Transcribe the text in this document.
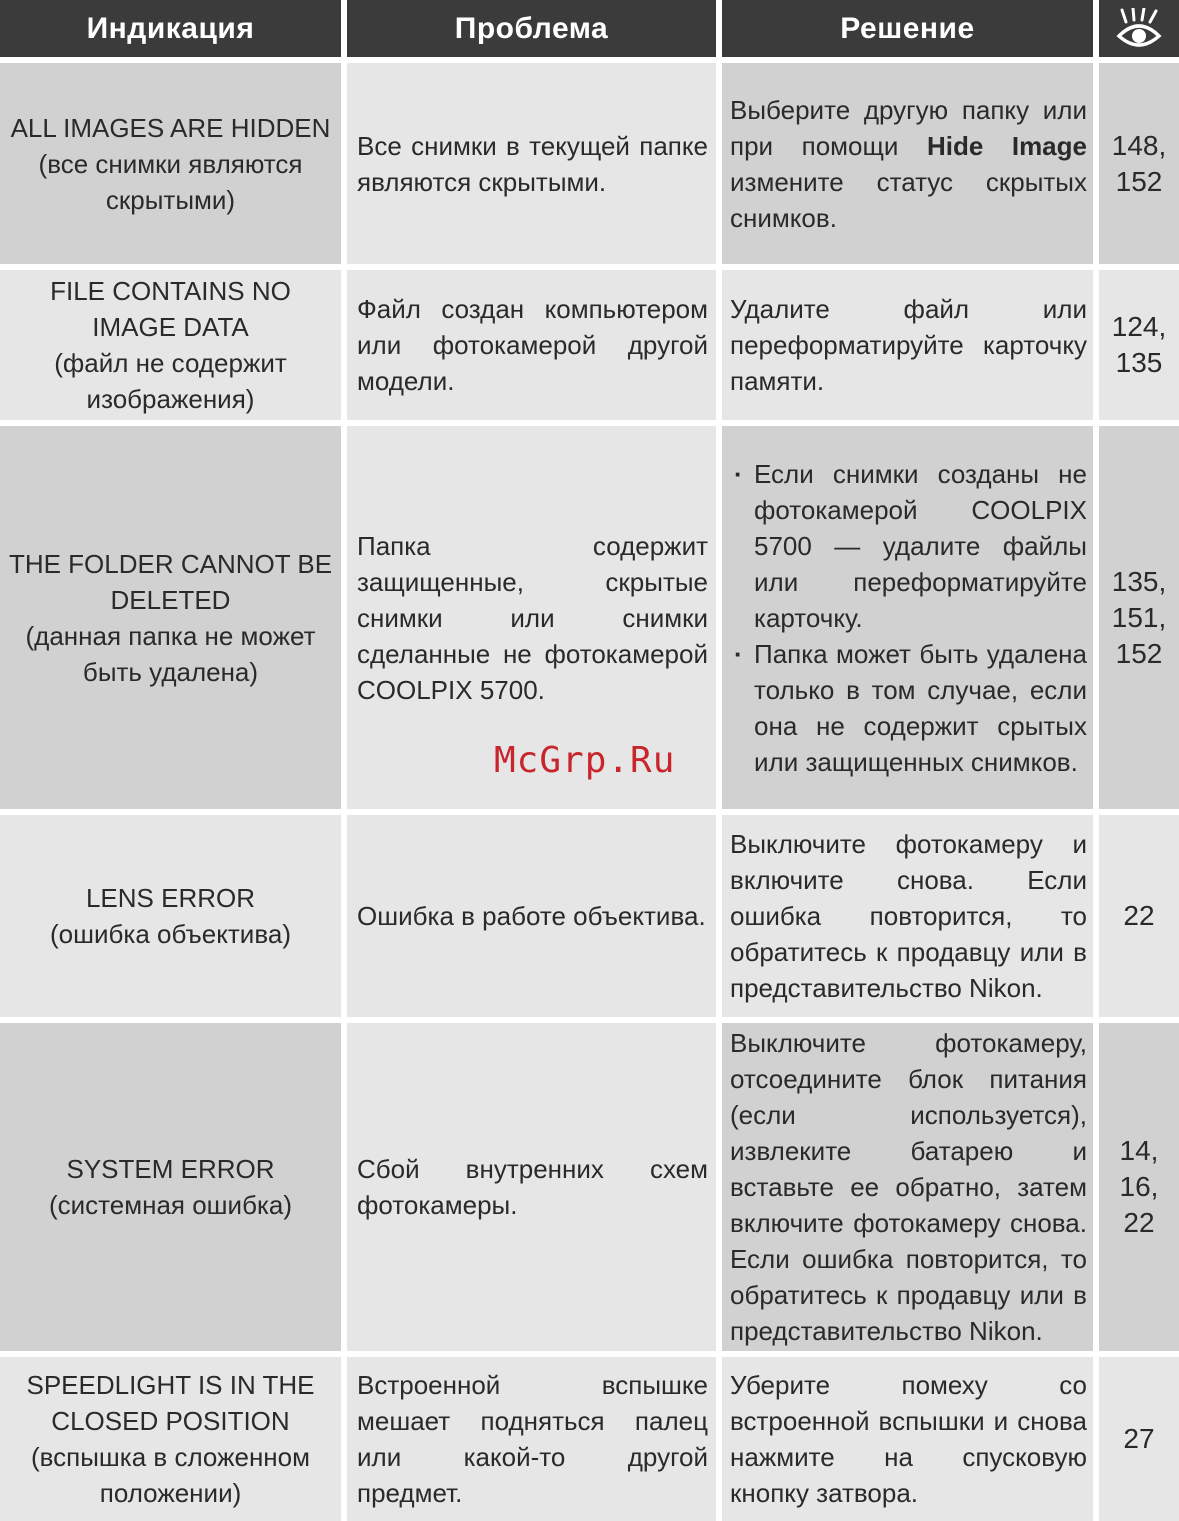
Индикация	Проблема	Решение
ALL IMAGES ARE HIDDEN
(все снимки являются скрытыми)
Все снимки в текущей папке являются скрытыми.
Выберите другую папку или при помощи Hide Image измените статус скрытых снимков.
148, 152
FILE CONTAINS NO IMAGE DATA
(файл не содержит изображения)
Файл создан компьютером или фотокамерой другой модели.
Удалите файл или переформатируйте карточку памяти.
124, 135
THE FOLDER CANNOT BE DELETED
(данная папка не может быть удалена)
Папка содержит защищенные, скрытые снимки или снимки сделанные не фотокамерой COOLPIX 5700.
· Если снимки созданы не фотокамерой COOLPIX 5700 — удалите файлы или переформатируйте карточку.
· Папка может быть удалена только в том случае, если она не содержит срытых или защищенных снимков.
135, 151, 152
LENS ERROR
(ошибка объектива)
Ошибка в работе объектива.
Выключите фотокамеру и включите снова. Если ошибка повторится, то обратитесь к продавцу или в представительство Nikon.
22
SYSTEM ERROR
(системная ошибка)
Сбой внутренних схем фотокамеры.
Выключите фотокамеру, отсоедините блок питания (если используется), извлеките батарею и вставьте ее обратно, затем включите фотокамеру снова. Если ошибка повторится, то обратитесь к продавцу или в представительство Nikon.
14, 16, 22
SPEEDLIGHT IS IN THE CLOSED POSITION
(вспышка в сложенном положении)
Встроенной вспышке мешает подняться палец или какой-то другой предмет.
Уберите помеху со встроенной вспышки и снова нажмите на спусковую кнопку затвора.
27
McGrp.Ru
